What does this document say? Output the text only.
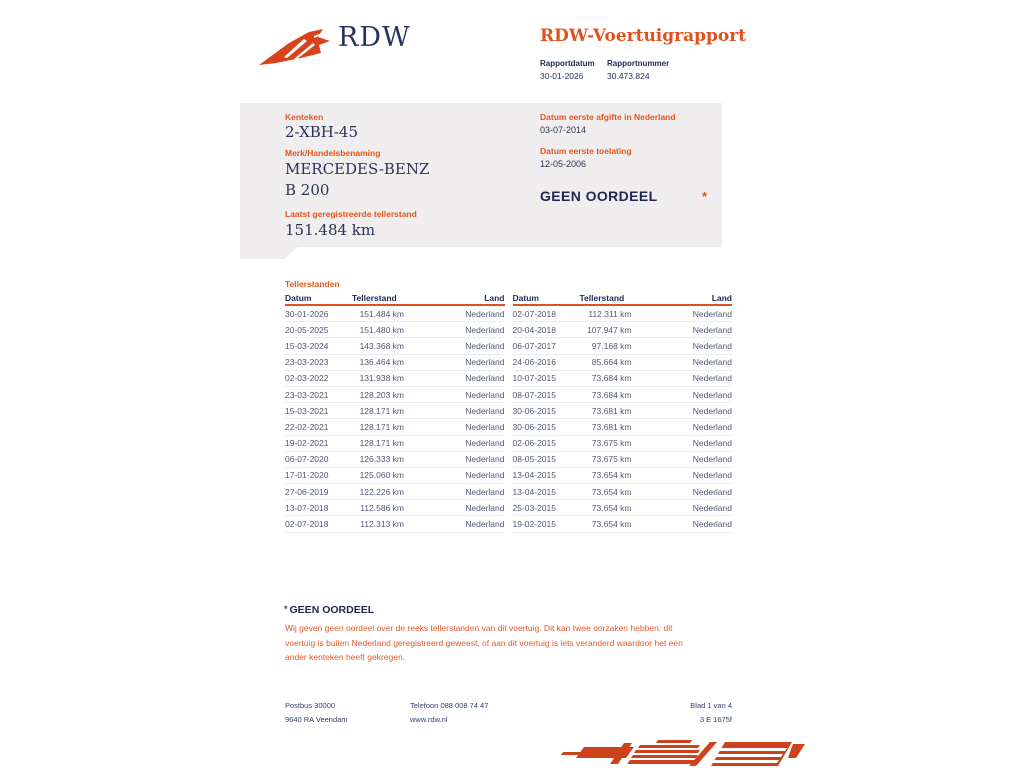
RDW	RDW-Voertuigrapport
Rapportdatum
30-01-2026
Rapportnummer
30.473.824
Kenteken
2-XBH-45
Merk/Handelsbenaming
MERCEDES-BENZ B 200
Laatst geregistreerde tellerstand
151.484 km
Datum eerste afgifte in Nederland
03-07-2014
Datum eerste toelating
12-05-2006
GEEN OORDEEL	*
Tellerstanden
Datum	Tellerstand	Land
30-01-2026	151.484 km	Nederland
20-05-2025	151.480 km	Nederland
15-03-2024	143.368 km	Nederland
23-03-2023	136.464 km	Nederland
02-03-2022	131.938 km	Nederland
23-03-2021	128.203 km	Nederland
15-03-2021	128.171 km	Nederland
22-02-2021	128.171 km	Nederland
19-02-2021	128.171 km	Nederland
06-07-2020	126.333 km	Nederland
17-01-2020	125.060 km	Nederland
27-06-2019	122.226 km	Nederland
13-07-2018	112.586 km	Nederland
02-07-2018	112.313 km	Nederland
Datum	Tellerstand	Land
02-07-2018	112.311 km	Nederland
20-04-2018	107.947 km	Nederland
06-07-2017	97.168 km	Nederland
24-06-2016	85.664 km	Nederland
10-07-2015	73.684 km	Nederland
08-07-2015	73.684 km	Nederland
30-06-2015	73.681 km	Nederland
30-06-2015	73.681 km	Nederland
02-06-2015	73.675 km	Nederland
08-05-2015	73.675 km	Nederland
13-04-2015	73.654 km	Nederland
13-04-2015	73.654 km	Nederland
25-03-2015	73.654 km	Nederland
19-02-2015	73.654 km	Nederland
* GEEN OORDEEL
Wij geven geen oordeel over de reeks tellerstanden van dit voertuig. Dit kan twee oorzaken hebben: dit voertuig is buiten Nederland geregistreerd geweest, of aan dit voertuig is iets veranderd waardoor het een ander kenteken heeft gekregen.
Postbus 30000
9640 RA Veendam
Telefoon 088 008 74 47
www.rdw.nl
Blad 1 van 4
3 E 1675f
